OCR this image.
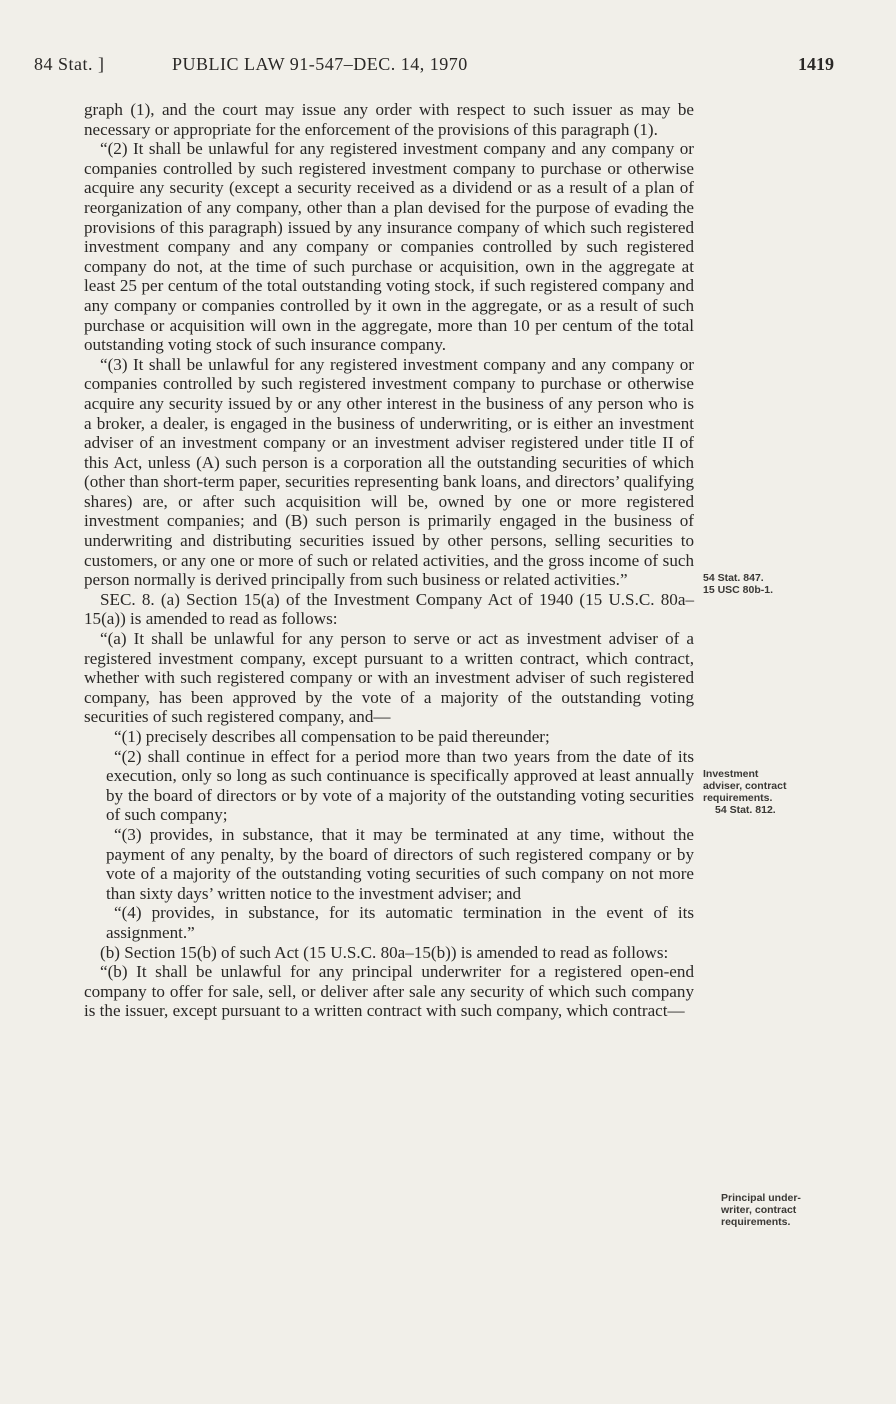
84 Stat. ]	PUBLIC LAW 91-547–DEC. 14, 1970	1419

graph (1), and the court may issue any order with respect to such issuer as may be necessary or appropriate for the enforcement of the provisions of this paragraph (1).

“(2) It shall be unlawful for any registered investment company and any company or companies controlled by such registered investment company to purchase or otherwise acquire any security (except a security received as a dividend or as a result of a plan of reorganization of any company, other than a plan devised for the purpose of evading the provisions of this paragraph) issued by any insurance company of which such registered investment company and any company or companies controlled by such registered company do not, at the time of such purchase or acquisition, own in the aggregate at least 25 per centum of the total outstanding voting stock, if such registered company and any company or companies controlled by it own in the aggregate, or as a result of such purchase or acquisition will own in the aggregate, more than 10 per centum of the total outstanding voting stock of such insurance company.

“(3) It shall be unlawful for any registered investment company and any company or companies controlled by such registered investment company to purchase or otherwise acquire any security issued by or any other interest in the business of any person who is a broker, a dealer, is engaged in the business of underwriting, or is either an investment adviser of an investment company or an investment adviser registered under title II of this Act, unless (A) such person is a corporation all the outstanding securities of which (other than short-term paper, securities representing bank loans, and directors’ qualifying shares) are, or after such acquisition will be, owned by one or more registered investment companies; and (B) such person is primarily engaged in the business of underwriting and distributing securities issued by other persons, selling securities to customers, or any one or more of such or related activities, and the gross income of such person normally is derived principally from such business or related activities.”

SEC. 8. (a) Section 15(a) of the Investment Company Act of 1940 (15 U.S.C. 80a–15(a)) is amended to read as follows:

“(a) It shall be unlawful for any person to serve or act as investment adviser of a registered investment company, except pursuant to a written contract, which contract, whether with such registered company or with an investment adviser of such registered company, has been approved by the vote of a majority of the outstanding voting securities of such registered company, and—

“(1) precisely describes all compensation to be paid thereunder;

“(2) shall continue in effect for a period more than two years from the date of its execution, only so long as such continuance is specifically approved at least annually by the board of directors or by vote of a majority of the outstanding voting securities of such company;

“(3) provides, in substance, that it may be terminated at any time, without the payment of any penalty, by the board of directors of such registered company or by vote of a majority of the outstanding voting securities of such company on not more than sixty days’ written notice to the investment adviser; and

“(4) provides, in substance, for its automatic termination in the event of its assignment.”

(b) Section 15(b) of such Act (15 U.S.C. 80a–15(b)) is amended to read as follows:

“(b) It shall be unlawful for any principal underwriter for a registered open-end company to offer for sale, sell, or deliver after sale any security of which such company is the issuer, except pursuant to a written contract with such company, which contract—

54 Stat. 847.
15 USC 80b-1.
Investment
adviser, contract
requirements.
54 Stat. 812.
Principal under-
writer, contract
requirements.
